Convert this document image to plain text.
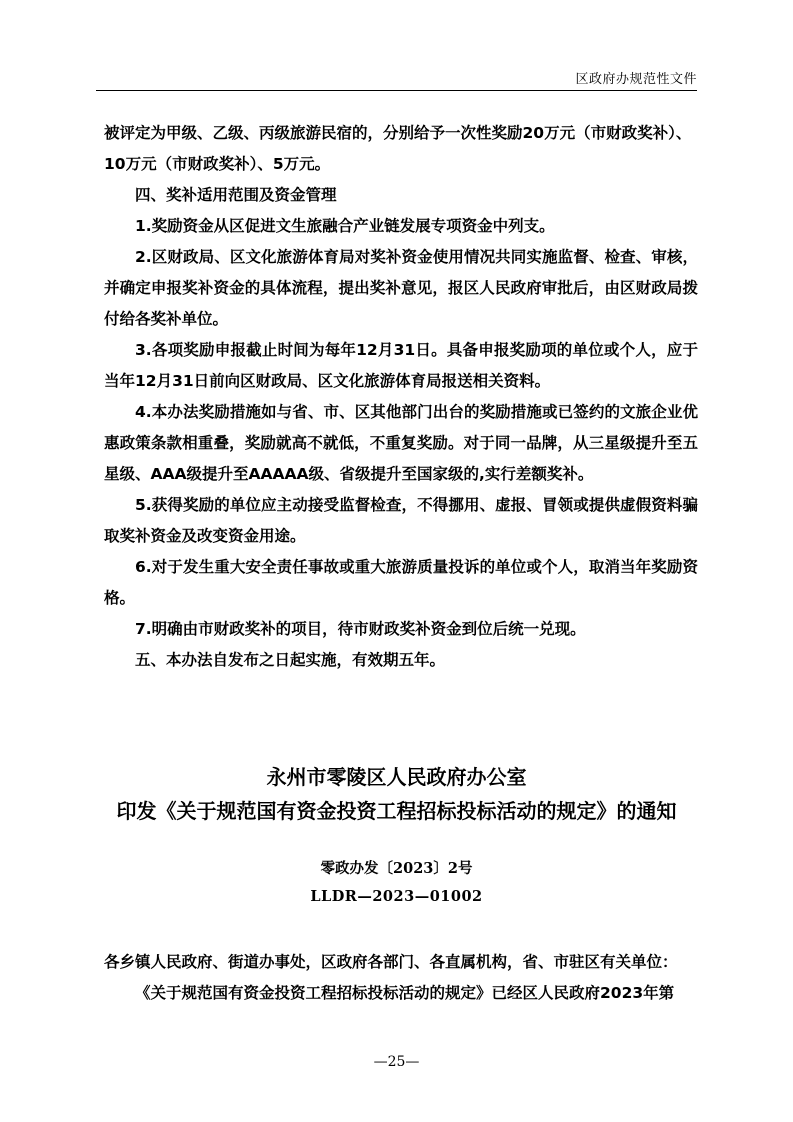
区政府办规范性文件

被评定为甲级、乙级、丙级旅游民宿的，分别给予一次性奖励20万元（市财政奖补）、

10万元（市财政奖补）、5万元。

四、奖补适用范围及资金管理

1.奖励资金从区促进文生旅融合产业链发展专项资金中列支。

2.区财政局、区文化旅游体育局对奖补资金使用情况共同实施监督、检查、审核，并确定申报奖补资金的具体流程，提出奖补意见，报区人民政府审批后，由区财政局拨付给各奖补单位。

3.各项奖励申报截止时间为每年12月31日。具备申报奖励项的单位或个人，应于当年12月31日前向区财政局、区文化旅游体育局报送相关资料。

4.本办法奖励措施如与省、市、区其他部门出台的奖励措施或已签约的文旅企业优惠政策条款相重叠，奖励就高不就低，不重复奖励。对于同一品牌，从三星级提升至五星级、AAA级提升至AAAAA级、省级提升至国家级的,实行差额奖补。

5.获得奖励的单位应主动接受监督检查，不得挪用、虚报、冒领或提供虚假资料骗取奖补资金及改变资金用途。

6.对于发生重大安全责任事故或重大旅游质量投诉的单位或个人，取消当年奖励资格。

7.明确由市财政奖补的项目，待市财政奖补资金到位后统一兑现。

五、本办法自发布之日起实施，有效期五年。

永州市零陵区人民政府办公室
印发《关于规范国有资金投资工程招标投标活动的规定》的通知
零政办发〔2023〕2号
LLDR—2023—01002

各乡镇人民政府、街道办事处，区政府各部门、各直属机构，省、市驻区有关单位：

《关于规范国有资金投资工程招标投标活动的规定》已经区人民政府2023年第

—25—
